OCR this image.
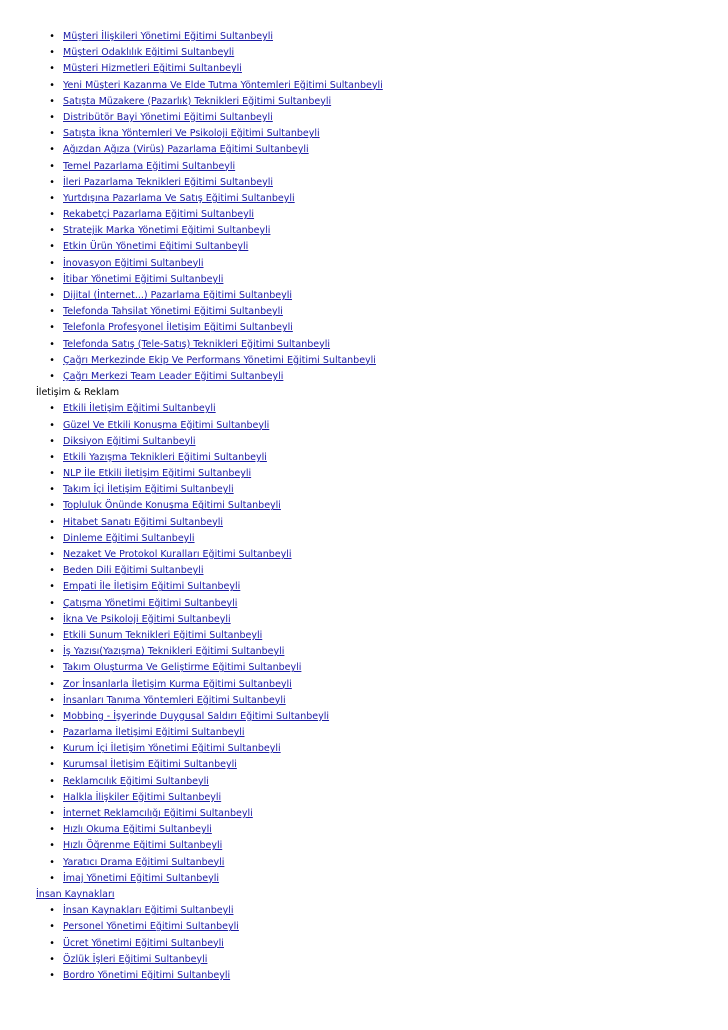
• Müşteri İlişkileri Yönetimi Eğitimi Sultanbeyli
• Müşteri Odaklılık Eğitimi Sultanbeyli
• Müşteri Hizmetleri Eğitimi Sultanbeyli
• Yeni Müşteri Kazanma Ve Elde Tutma Yöntemleri Eğitimi Sultanbeyli
• Satışta Müzakere (Pazarlık) Teknikleri Eğitimi Sultanbeyli
• Distribütör Bayi Yönetimi Eğitimi Sultanbeyli
• Satışta İkna Yöntemleri Ve Psikoloji Eğitimi Sultanbeyli
• Ağızdan Ağıza (Virüs) Pazarlama Eğitimi Sultanbeyli
• Temel Pazarlama Eğitimi Sultanbeyli
• İleri Pazarlama Teknikleri Eğitimi Sultanbeyli
• Yurtdışına Pazarlama Ve Satış Eğitimi Sultanbeyli
• Rekabetçi Pazarlama Eğitimi Sultanbeyli
• Stratejik Marka Yönetimi Eğitimi Sultanbeyli
• Etkin Ürün Yönetimi Eğitimi Sultanbeyli
• İnovasyon Eğitimi Sultanbeyli
• İtibar Yönetimi Eğitimi Sultanbeyli
• Dijital (İnternet...) Pazarlama Eğitimi Sultanbeyli
• Telefonda Tahsilat Yönetimi Eğitimi Sultanbeyli
• Telefonla Profesyonel İletişim Eğitimi Sultanbeyli
• Telefonda Satış (Tele-Satış) Teknikleri Eğitimi Sultanbeyli
• Çağrı Merkezinde Ekip Ve Performans Yönetimi Eğitimi Sultanbeyli
• Çağrı Merkezi Team Leader Eğitimi Sultanbeyli
İletişim & Reklam
• Etkili İletişim Eğitimi Sultanbeyli
• Güzel Ve Etkili Konuşma Eğitimi Sultanbeyli
• Diksiyon Eğitimi Sultanbeyli
• Etkili Yazışma Teknikleri Eğitimi Sultanbeyli
• NLP İle Etkili İletişim Eğitimi Sultanbeyli
• Takım İçi İletişim Eğitimi Sultanbeyli
• Topluluk Önünde Konuşma Eğitimi Sultanbeyli
• Hitabet Sanatı Eğitimi Sultanbeyli
• Dinleme Eğitimi Sultanbeyli
• Nezaket Ve Protokol Kuralları Eğitimi Sultanbeyli
• Beden Dili Eğitimi Sultanbeyli
• Empati İle İletişim Eğitimi Sultanbeyli
• Çatışma Yönetimi Eğitimi Sultanbeyli
• İkna Ve Psikoloji Eğitimi Sultanbeyli
• Etkili Sunum Teknikleri Eğitimi Sultanbeyli
• İş Yazısı(Yazışma) Teknikleri Eğitimi Sultanbeyli
• Takım Oluşturma Ve Geliştirme Eğitimi Sultanbeyli
• Zor İnsanlarla İletişim Kurma Eğitimi Sultanbeyli
• İnsanları Tanıma Yöntemleri Eğitimi Sultanbeyli
• Mobbing - İşyerinde Duygusal Saldırı Eğitimi Sultanbeyli
• Pazarlama İletişimi Eğitimi Sultanbeyli
• Kurum İçi İletişim Yönetimi Eğitimi Sultanbeyli
• Kurumsal İletişim Eğitimi Sultanbeyli
• Reklamcılık Eğitimi Sultanbeyli
• Halkla İlişkiler Eğitimi Sultanbeyli
• İnternet Reklamcılığı Eğitimi Sultanbeyli
• Hızlı Okuma Eğitimi Sultanbeyli
• Hızlı Öğrenme Eğitimi Sultanbeyli
• Yaratıcı Drama Eğitimi Sultanbeyli
• İmaj Yönetimi Eğitimi Sultanbeyli
İnsan Kaynakları
• İnsan Kaynakları Eğitimi Sultanbeyli
• Personel Yönetimi Eğitimi Sultanbeyli
• Ücret Yönetimi Eğitimi Sultanbeyli
• Özlük İşleri Eğitimi Sultanbeyli
• Bordro Yönetimi Eğitimi Sultanbeyli
